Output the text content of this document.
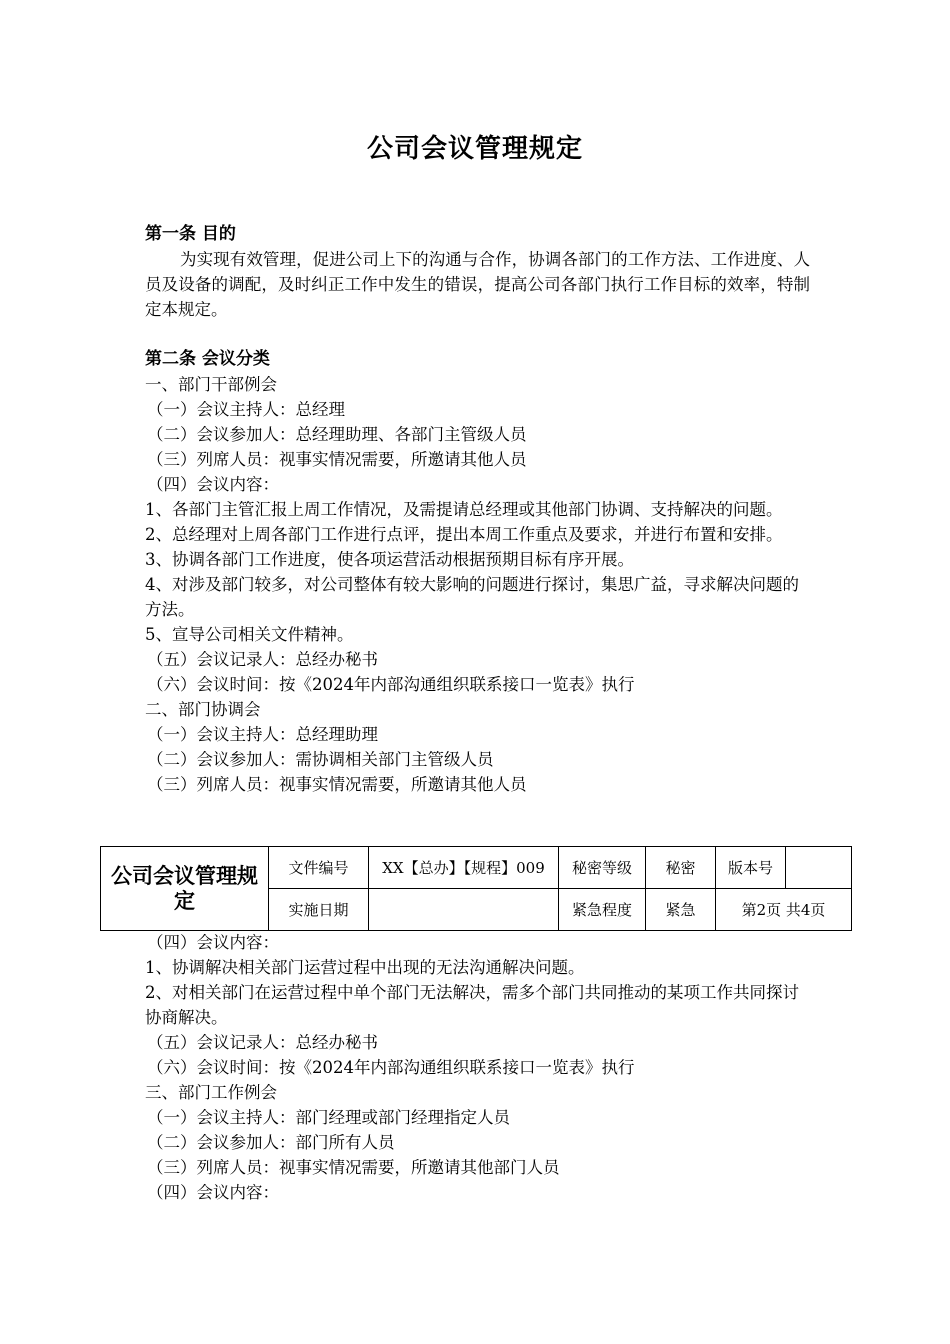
公司会议管理规定
第一条 目的
为实现有效管理，促进公司上下的沟通与合作，协调各部门的工作方法、工作进度、人员及设备的调配，及时纠正工作中发生的错误，提高公司各部门执行工作目标的效率，特制定本规定。
第二条 会议分类
一、部门干部例会
（一）会议主持人：总经理
（二）会议参加人：总经理助理、各部门主管级人员
（三）列席人员：视事实情况需要，所邀请其他人员
（四）会议内容：
1、各部门主管汇报上周工作情况，及需提请总经理或其他部门协调、支持解决的问题。
2、总经理对上周各部门工作进行点评，提出本周工作重点及要求，并进行布置和安排。
3、协调各部门工作进度，使各项运营活动根据预期目标有序开展。
4、对涉及部门较多，对公司整体有较大影响的问题进行探讨，集思广益，寻求解决问题的方法。
5、宣导公司相关文件精神。
（五）会议记录人：总经办秘书
（六）会议时间：按《2024年内部沟通组织联系接口一览表》执行
二、部门协调会
（一）会议主持人：总经理助理
（二）会议参加人：需协调相关部门主管级人员
（三）列席人员：视事实情况需要，所邀请其他人员
公司会议管理规定	文件编号	XX【总办】【规程】009	秘密等级	秘密	版本号	
	实施日期		紧急程度	紧急	第2页 共4页	
（四）会议内容：
1、协调解决相关部门运营过程中出现的无法沟通解决问题。
2、对相关部门在运营过程中单个部门无法解决，需多个部门共同推动的某项工作共同探讨协商解决。
（五）会议记录人：总经办秘书
（六）会议时间：按《2024年内部沟通组织联系接口一览表》执行
三、部门工作例会
（一）会议主持人：部门经理或部门经理指定人员
（二）会议参加人：部门所有人员
（三）列席人员：视事实情况需要，所邀请其他部门人员
（四）会议内容：
